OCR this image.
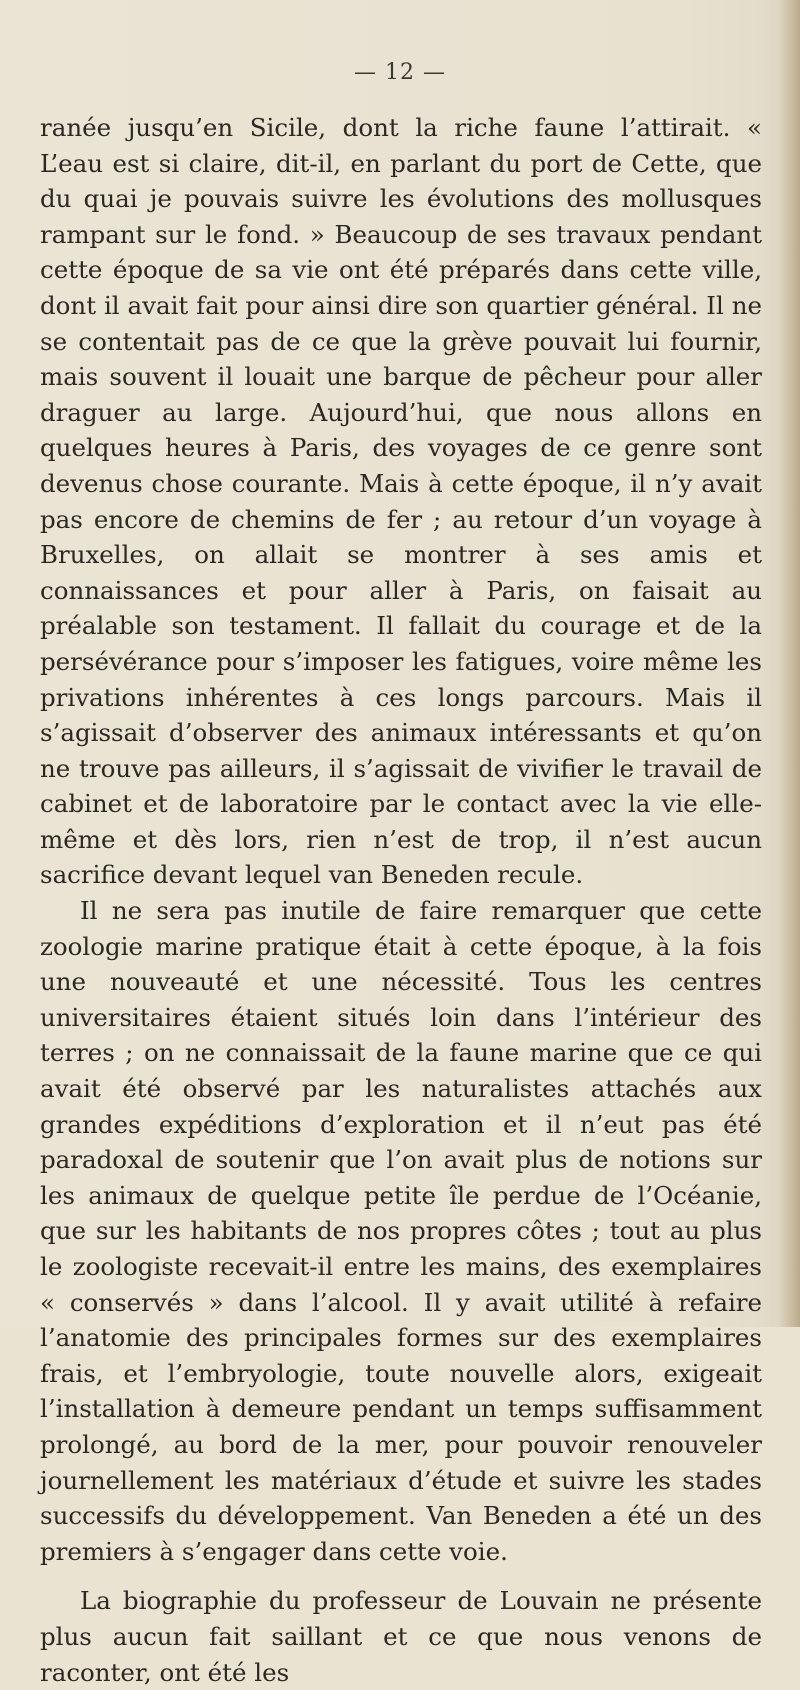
— 12 —

ranée jusqu’en Sicile, dont la riche faune l’attirait. « L’eau est si claire, dit-il, en parlant du port de Cette, que du quai je pouvais suivre les évolutions des mollusques rampant sur le fond. » Beaucoup de ses travaux pendant cette époque de sa vie ont été préparés dans cette ville, dont il avait fait pour ainsi dire son quartier général. Il ne se contentait pas de ce que la grève pouvait lui fournir, mais souvent il louait une barque de pêcheur pour aller draguer au large. Aujourd’hui, que nous allons en quelques heures à Paris, des voyages de ce genre sont devenus chose courante. Mais à cette époque, il n’y avait pas encore de chemins de fer ; au retour d’un voyage à Bruxelles, on allait se montrer à ses amis et connaissances et pour aller à Paris, on faisait au préalable son testament. Il fallait du courage et de la persévérance pour s’imposer les fatigues, voire même les privations inhérentes à ces longs parcours. Mais il s’agissait d’observer des animaux intéressants et qu’on ne trouve pas ailleurs, il s’agissait de vivifier le travail de cabinet et de laboratoire par le contact avec la vie elle-même et dès lors, rien n’est de trop, il n’est aucun sacrifice devant lequel van Beneden recule.

Il ne sera pas inutile de faire remarquer que cette zoologie marine pratique était à cette époque, à la fois une nouveauté et une nécessité. Tous les centres universitaires étaient situés loin dans l’intérieur des terres ; on ne connaissait de la faune marine que ce qui avait été observé par les naturalistes attachés aux grandes expéditions d’exploration et il n’eut pas été paradoxal de soutenir que l’on avait plus de notions sur les animaux de quelque petite île perdue de l’Océanie, que sur les habitants de nos propres côtes ; tout au plus le zoologiste recevait-il entre les mains, des exemplaires « conservés » dans l’alcool. Il y avait utilité à refaire l’anatomie des principales formes sur des exemplaires frais, et l’embryologie, toute nouvelle alors, exigeait l’installation à demeure pendant un temps suffisamment prolongé, au bord de la mer, pour pouvoir renouveler journellement les matériaux d’étude et suivre les stades successifs du développement. Van Beneden a été un des premiers à s’engager dans cette voie.

La biographie du professeur de Louvain ne présente plus aucun fait saillant et ce que nous venons de raconter, ont été les
